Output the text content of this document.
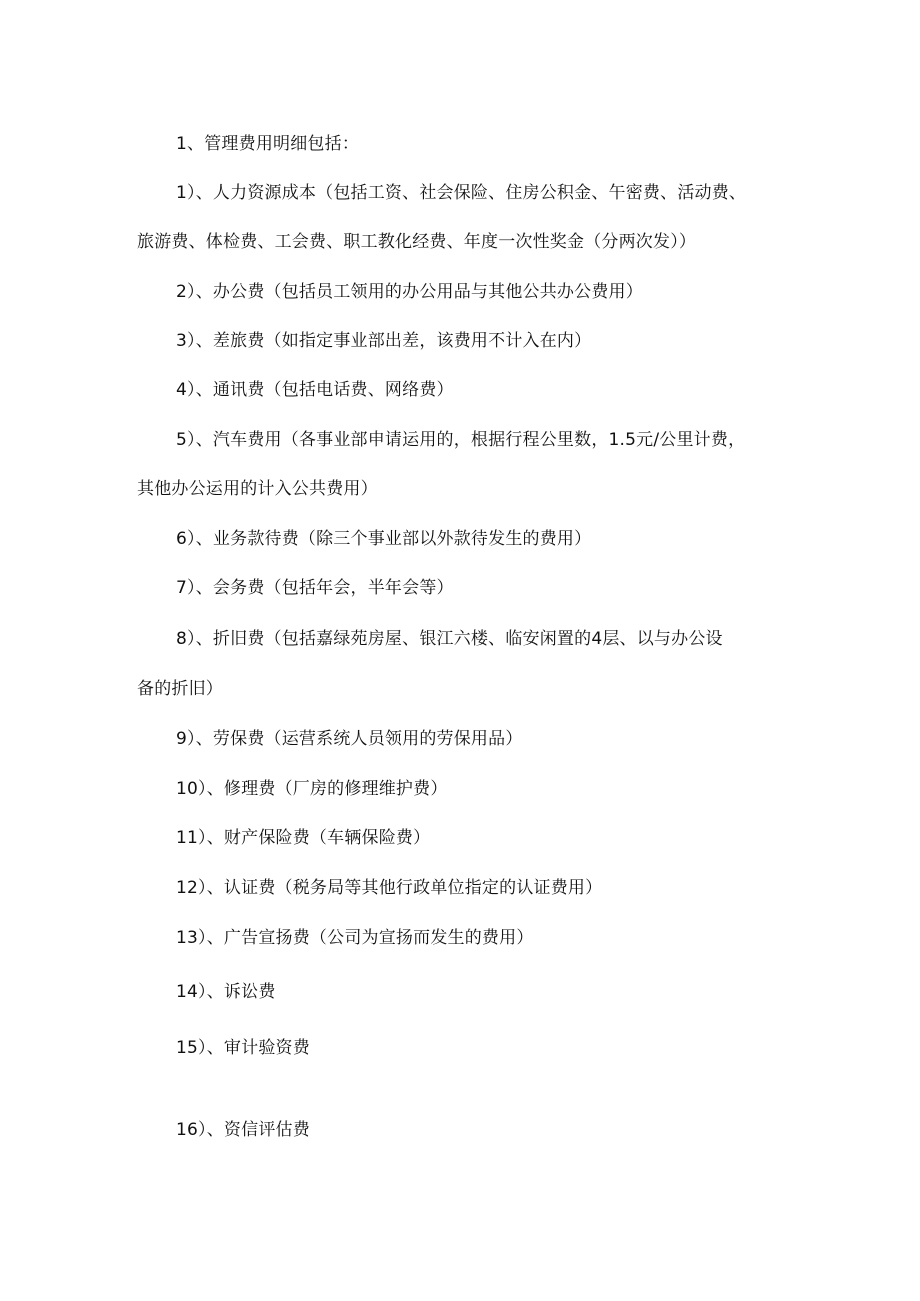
1、管理费用明细包括：
1）、人力资源成本（包括工资、社会保险、住房公积金、午密费、活动费、
旅游费、体检费、工会费、职工教化经费、年度一次性奖金（分两次发））
2）、办公费（包括员工领用的办公用品与其他公共办公费用）
3）、差旅费（如指定事业部出差，该费用不计入在内）
4）、通讯费（包括电话费、网络费）
5）、汽车费用（各事业部申请运用的，根据行程公里数，1.5元/公里计费，
其他办公运用的计入公共费用）
6）、业务款待费（除三个事业部以外款待发生的费用）
7）、会务费（包括年会，半年会等）
8）、折旧费（包括嘉绿苑房屋、银江六楼、临安闲置的4层、以与办公设
备的折旧）
9）、劳保费（运营系统人员领用的劳保用品）
10）、修理费（厂房的修理维护费）
11）、财产保险费（车辆保险费）
12）、认证费（税务局等其他行政单位指定的认证费用）
13）、广告宣扬费（公司为宣扬而发生的费用）
14）、诉讼费
15）、审计验资费
16）、资信评估费
